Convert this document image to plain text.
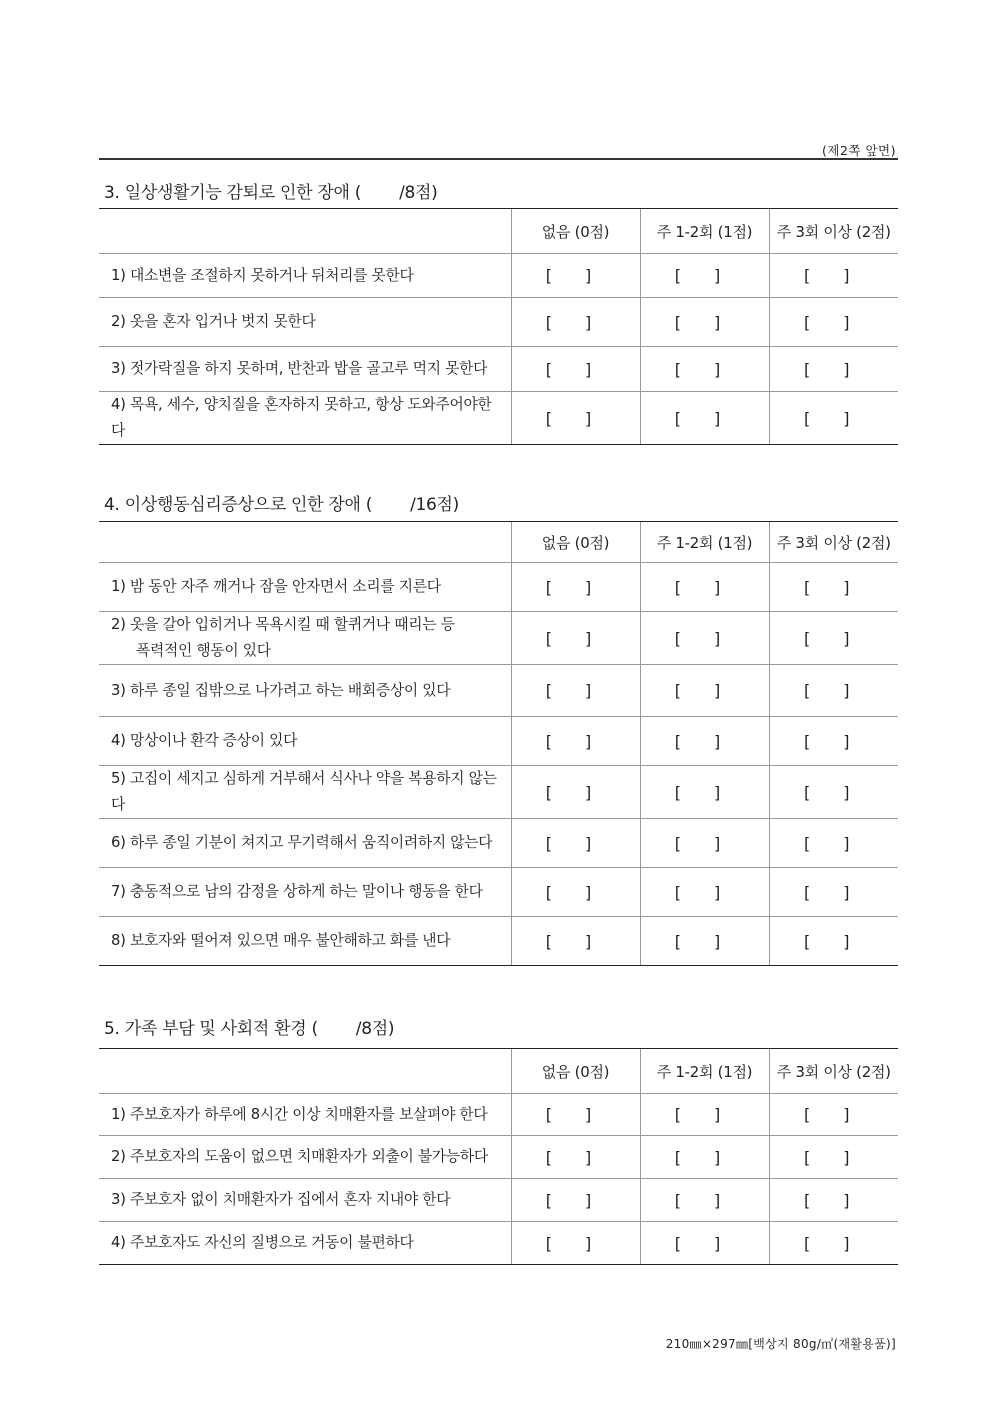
(제2쪽 앞면)
3. 일상생활기능 감퇴로 인한 장애 ( /8점)
	없음 (0점)	주 1-2회 (1점)	주 3회 이상 (2점)
1) 대소변을 조절하지 못하거나 뒤처리를 못한다	[ ]	[ ]	[ ]
2) 옷을 혼자 입거나 벗지 못한다	[ ]	[ ]	[ ]
3) 젓가락질을 하지 못하며, 반찬과 밥을 골고루 먹지 못한다	[ ]	[ ]	[ ]
4) 목욕, 세수, 양치질을 혼자하지 못하고, 항상 도와주어야한다	[ ]	[ ]	[ ]
4. 이상행동심리증상으로 인한 장애 ( /16점)
	없음 (0점)	주 1-2회 (1점)	주 3회 이상 (2점)
1) 밤 동안 자주 깨거나 잠을 안자면서 소리를 지른다	[ ]	[ ]	[ ]

2) 옷을 갈아 입히거나 목욕시킬 때 할퀴거나 때리는 등
폭력적인 행동이 있다	[ ]	[ ]	[ ]
3) 하루 종일 집밖으로 나가려고 하는 배회증상이 있다	[ ]	[ ]	[ ]
4) 망상이나 환각 증상이 있다	[ ]	[ ]	[ ]
5) 고집이 세지고 심하게 거부해서 식사나 약을 복용하지 않는다	[ ]	[ ]	[ ]
6) 하루 종일 기분이 쳐지고 무기력해서 움직이려하지 않는다	[ ]	[ ]	[ ]
7) 충동적으로 남의 감정을 상하게 하는 말이나 행동을 한다	[ ]	[ ]	[ ]
8) 보호자와 떨어져 있으면 매우 불안해하고 화를 낸다	[ ]	[ ]	[ ]
5. 가족 부담 및 사회적 환경 ( /8점)
	없음 (0점)	주 1-2회 (1점)	주 3회 이상 (2점)
1) 주보호자가 하루에 8시간 이상 치매환자를 보살펴야 한다	[ ]	[ ]	[ ]
2) 주보호자의 도움이 없으면 치매환자가 외출이 불가능하다	[ ]	[ ]	[ ]
3) 주보호자 없이 치매환자가 집에서 혼자 지내야 한다	[ ]	[ ]	[ ]
4) 주보호자도 자신의 질병으로 거동이 불편하다	[ ]	[ ]	[ ]
210㎜×297㎜[백상지 80g/㎡(재활용품)]
